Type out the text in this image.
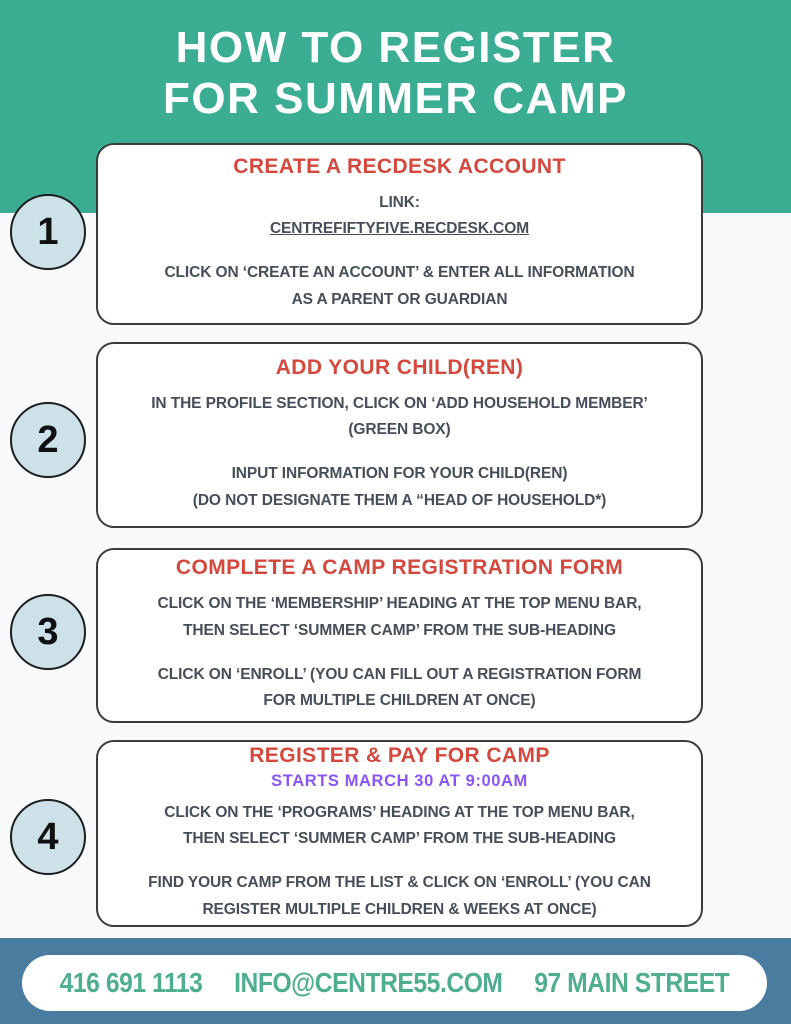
HOW TO REGISTER
FOR SUMMER CAMP
1
CREATE A RECDESK ACCOUNT
LINK:
CENTREFIFTYFIVE.RECDESK.COM
CLICK ON ‘CREATE AN ACCOUNT’ & ENTER ALL INFORMATION
AS A PARENT OR GUARDIAN
2
ADD YOUR CHILD(REN)
IN THE PROFILE SECTION, CLICK ON ‘ADD HOUSEHOLD MEMBER’
(GREEN BOX)
INPUT INFORMATION FOR YOUR CHILD(REN)
(DO NOT DESIGNATE THEM A “HEAD OF HOUSEHOLD*)
3
COMPLETE A CAMP REGISTRATION FORM
CLICK ON THE ‘MEMBERSHIP’ HEADING AT THE TOP MENU BAR,
THEN SELECT ‘SUMMER CAMP’ FROM THE SUB-HEADING
CLICK ON ‘ENROLL’ (YOU CAN FILL OUT A REGISTRATION FORM
FOR MULTIPLE CHILDREN AT ONCE)
4
REGISTER & PAY FOR CAMP
STARTS MARCH 30 AT 9:00AM
CLICK ON THE ‘PROGRAMS’ HEADING AT THE TOP MENU BAR,
THEN SELECT ‘SUMMER CAMP’ FROM THE SUB-HEADING
FIND YOUR CAMP FROM THE LIST & CLICK ON ‘ENROLL’ (YOU CAN
REGISTER MULTIPLE CHILDREN & WEEKS AT ONCE)
416 691 1113 INFO@CENTRE55.COM 97 MAIN STREET
